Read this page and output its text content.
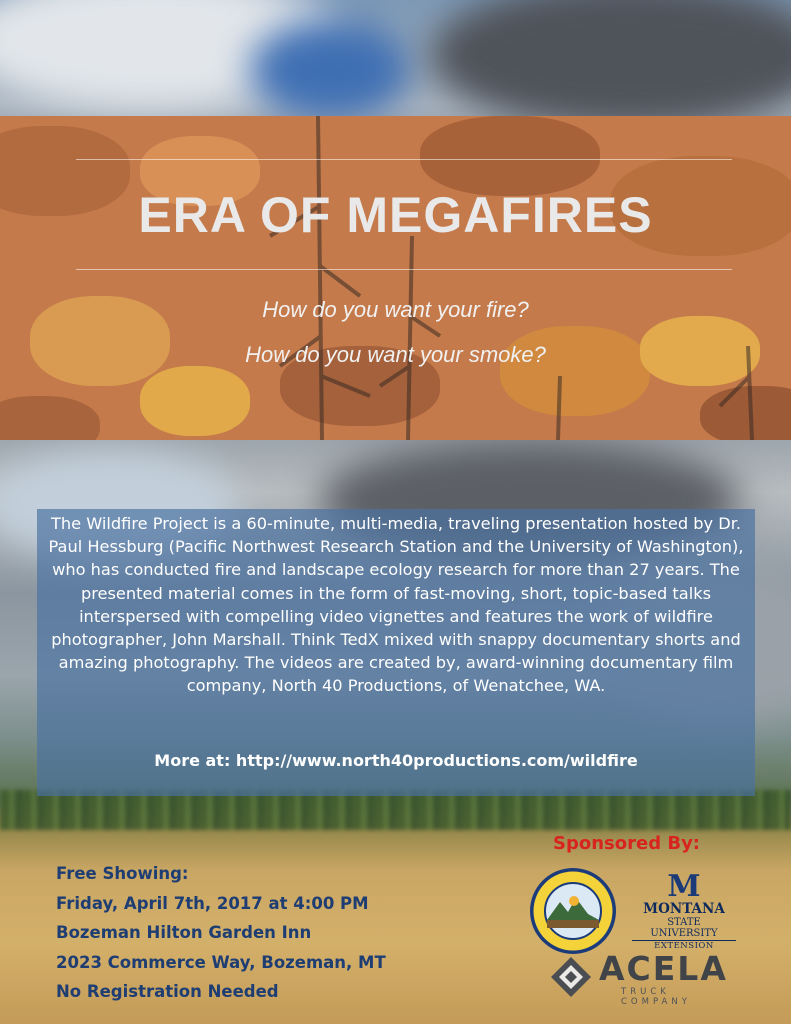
ERA OF MEGAFIRES
How do you want your fire?
How do you want your smoke?
The Wildfire Project is a 60-minute, multi-media, traveling presentation hosted by Dr. Paul Hessburg (Pacific Northwest Research Station and the University of Washington), who has conducted fire and landscape ecology research for more than 27 years. The presented material comes in the form of fast-moving, short, topic-based talks interspersed with compelling video vignettes and features the work of wildfire photographer, John Marshall. Think TedX mixed with snappy documentary shorts and amazing photography. The videos are created by, award-winning documentary film company, North 40 Productions, of Wenatchee, WA.
More at: http://www.north40productions.com/wildfire
Free Showing:
Friday, April 7th, 2017 at 4:00 PM
Bozeman Hilton Garden Inn
2023 Commerce Way, Bozeman, MT
No Registration Needed
Sponsored By:
M
MONTANA
STATE UNIVERSITY
EXTENSION
ACELA
TRUCK COMPANY
